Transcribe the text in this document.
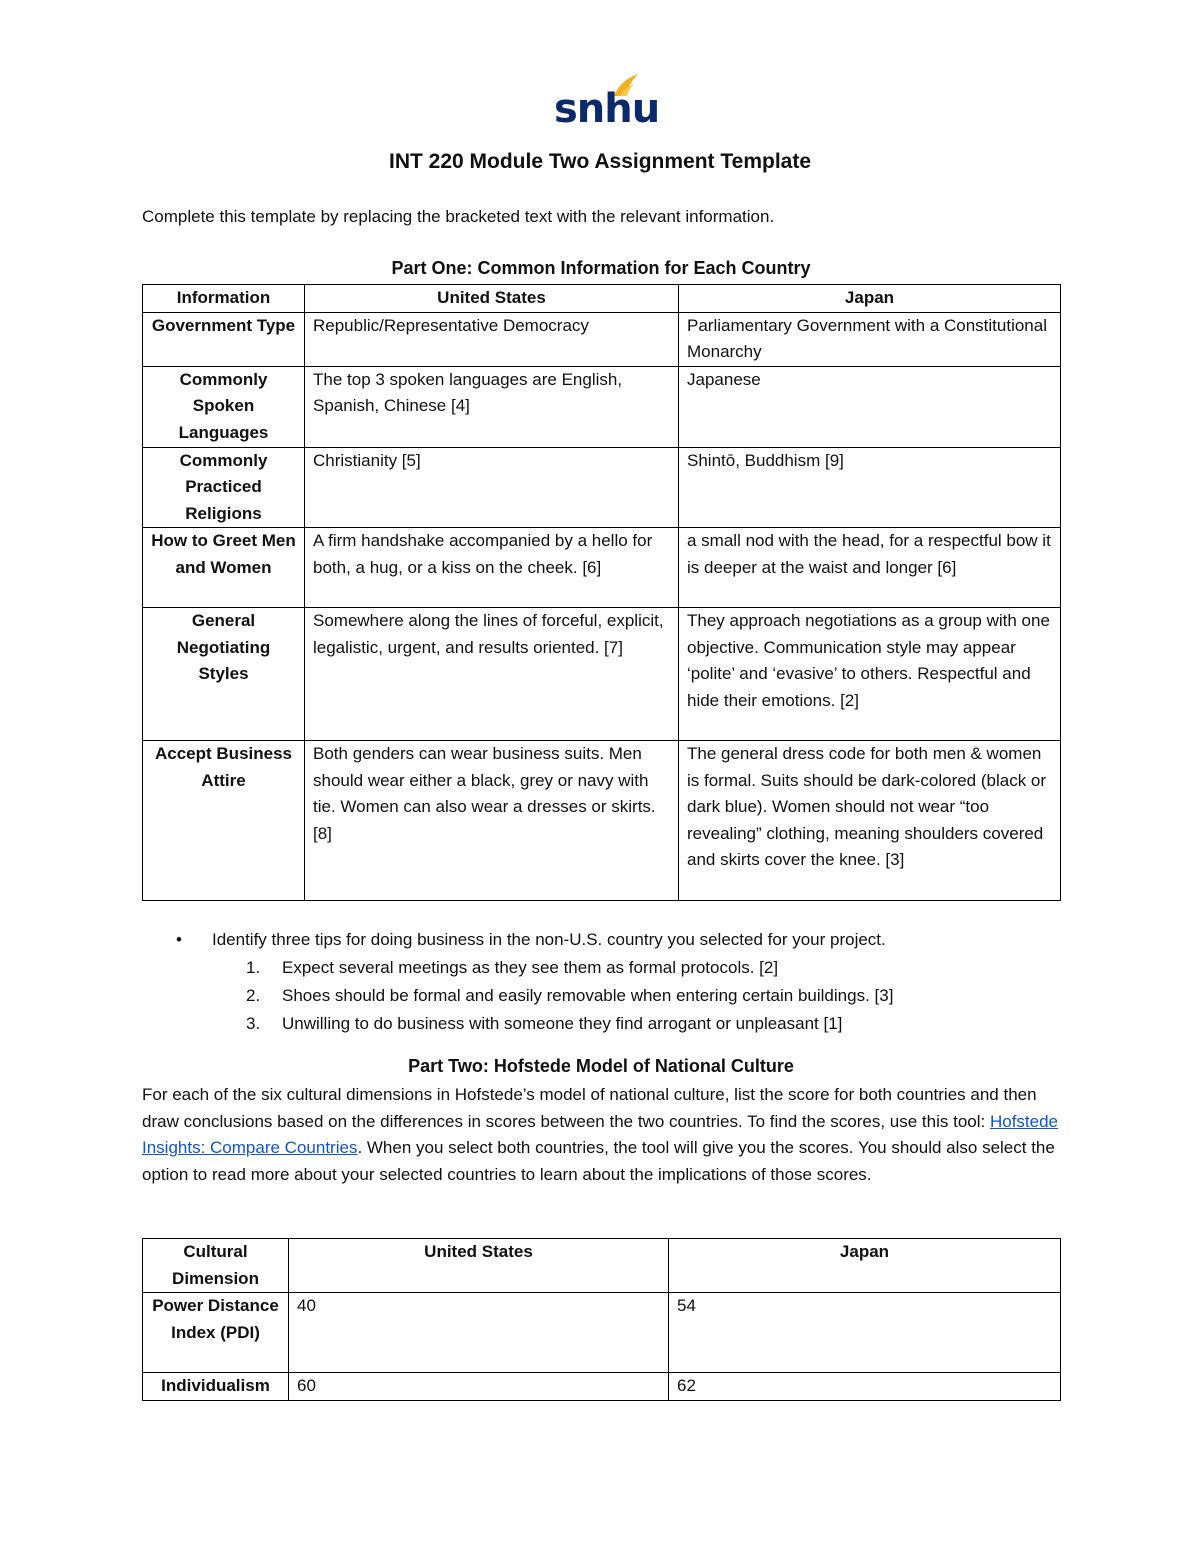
snhu
INT 220 Module Two Assignment Template
Complete this template by replacing the bracketed text with the relevant information.
Part One: Common Information for Each Country
Information	United States	Japan
Government Type	Republic/Representative Democracy	Parliamentary Government with a Constitutional Monarchy
Commonly Spoken Languages	The top 3 spoken languages are English, Spanish, Chinese [4]	Japanese
Commonly Practiced Religions	Christianity [5]	Shintō, Buddhism [9]
How to Greet Men and Women	A firm handshake accompanied by a hello for both, a hug, or a kiss on the cheek. [6]	a small nod with the head, for a respectful bow it is deeper at the waist and longer [6]
General Negotiating Styles	Somewhere along the lines of forceful, explicit, legalistic, urgent, and results oriented. [7]	They approach negotiations as a group with one objective. Communication style may appear ‘polite’ and ‘evasive’ to others. Respectful and hide their emotions. [2]
Accept Business Attire	Both genders can wear business suits. Men should wear either a black, grey or navy with tie. Women can also wear a dresses or skirts. [8]	The general dress code for both men & women is formal. Suits should be dark-colored (black or dark blue). Women should not wear “too revealing” clothing, meaning shoulders covered and skirts cover the knee. [3]
• Identify three tips for doing business in the non-U.S. country you selected for your project.
1. Expect several meetings as they see them as formal protocols. [2]
2. Shoes should be formal and easily removable when entering certain buildings. [3]
3. Unwilling to do business with someone they find arrogant or unpleasant [1]
Part Two: Hofstede Model of National Culture
For each of the six cultural dimensions in Hofstede’s model of national culture, list the score for both countries and then draw conclusions based on the differences in scores between the two countries. To find the scores, use this tool: Hofstede Insights: Compare Countries. When you select both countries, the tool will give you the scores. You should also select the option to read more about your selected countries to learn about the implications of those scores.
Cultural Dimension	United States	Japan
Power Distance Index (PDI)	40	54
Individualism	60	62
